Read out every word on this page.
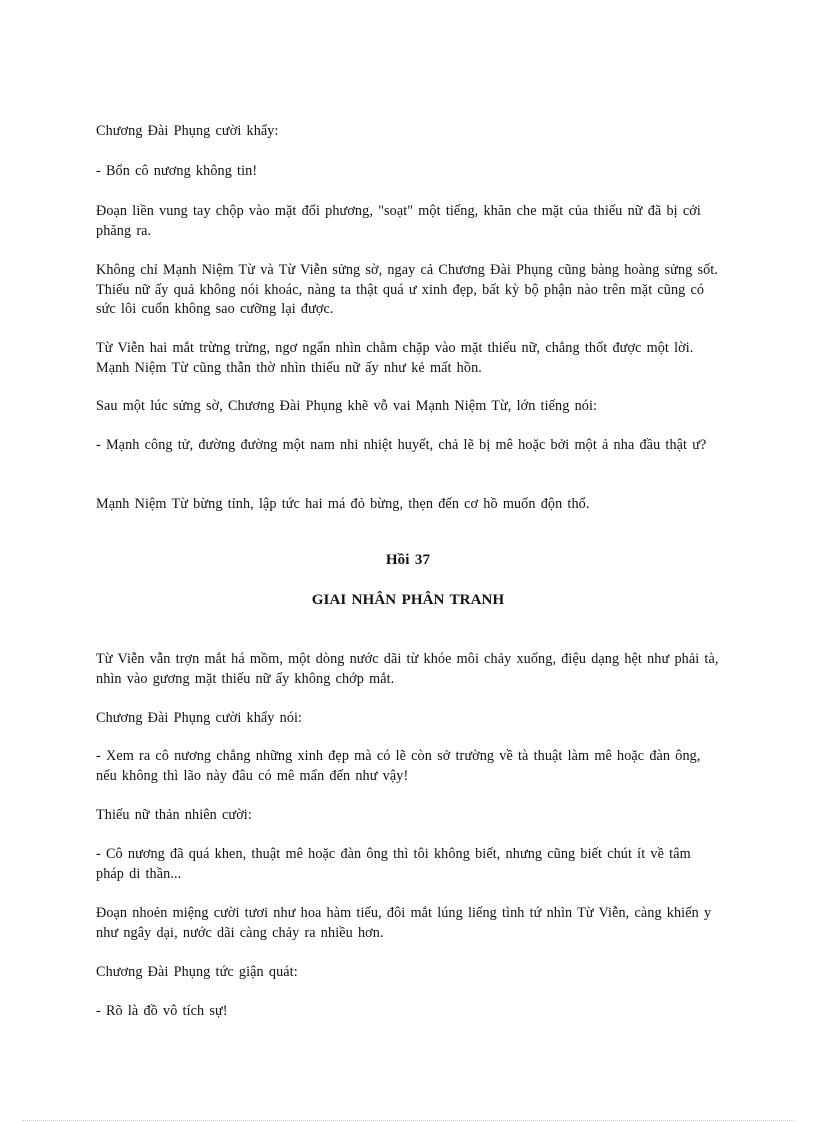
Chương Đài Phụng cười khẩy:

- Bổn cô nương không tin!

Đoạn liền vung tay chộp vào mặt đối phương, "soạt" một tiếng, khăn che mặt của thiếu nữ đã bị cởi phăng ra.

Không chỉ Mạnh Niệm Từ và Từ Viễn sửng sờ, ngay cả Chương Đài Phụng cũng bàng hoàng sửng sốt. Thiếu nữ ấy quả không nói khoác, nàng ta thật quá ư xinh đẹp, bất kỳ bộ phận nào trên mặt cũng có sức lôi cuốn không sao cưỡng lại được.

Từ Viễn hai mắt trừng trừng, ngơ ngẩn nhìn chằm chặp vào mặt thiếu nữ, chẳng thốt được một lời. Mạnh Niệm Từ cũng thẫn thờ nhìn thiếu nữ ấy như kẻ mất hồn.

Sau một lúc sửng sờ, Chương Đài Phụng khẽ vỗ vai Mạnh Niệm Từ, lớn tiếng nói:

- Mạnh công tử, đường đường một nam nhi nhiệt huyết, chả lẽ bị mê hoặc bởi một ả nha đầu thật ư?

Mạnh Niệm Từ bừng tỉnh, lập tức hai má đỏ bừng, thẹn đến cơ hồ muốn độn thổ.

Hồi 37

GIAI NHÂN PHÂN TRANH

Từ Viễn vẫn trợn mắt há mồm, một dòng nước dãi từ khóe môi chảy xuống, điệu dạng hệt như phải tà, nhìn vào gương mặt thiếu nữ ấy không chớp mắt.

Chương Đài Phụng cười khẩy nói:

- Xem ra cô nương chẳng những xinh đẹp mà có lẽ còn sở trường về tà thuật làm mê hoặc đàn ông, nếu không thì lão này đâu có mê mẩn đến như vậy!

Thiếu nữ thản nhiên cười:

- Cô nương đã quá khen, thuật mê hoặc đàn ông thì tôi không biết, nhưng cũng biết chút ít về tâm pháp di thần...

Đoạn nhoẻn miệng cười tươi như hoa hàm tiếu, đôi mắt lúng liếng tình tứ nhìn Từ Viễn, càng khiến y như ngây dại, nước dãi càng chảy ra nhiều hơn.

Chương Đài Phụng tức giận quát:

- Rõ là đồ vô tích sự!
